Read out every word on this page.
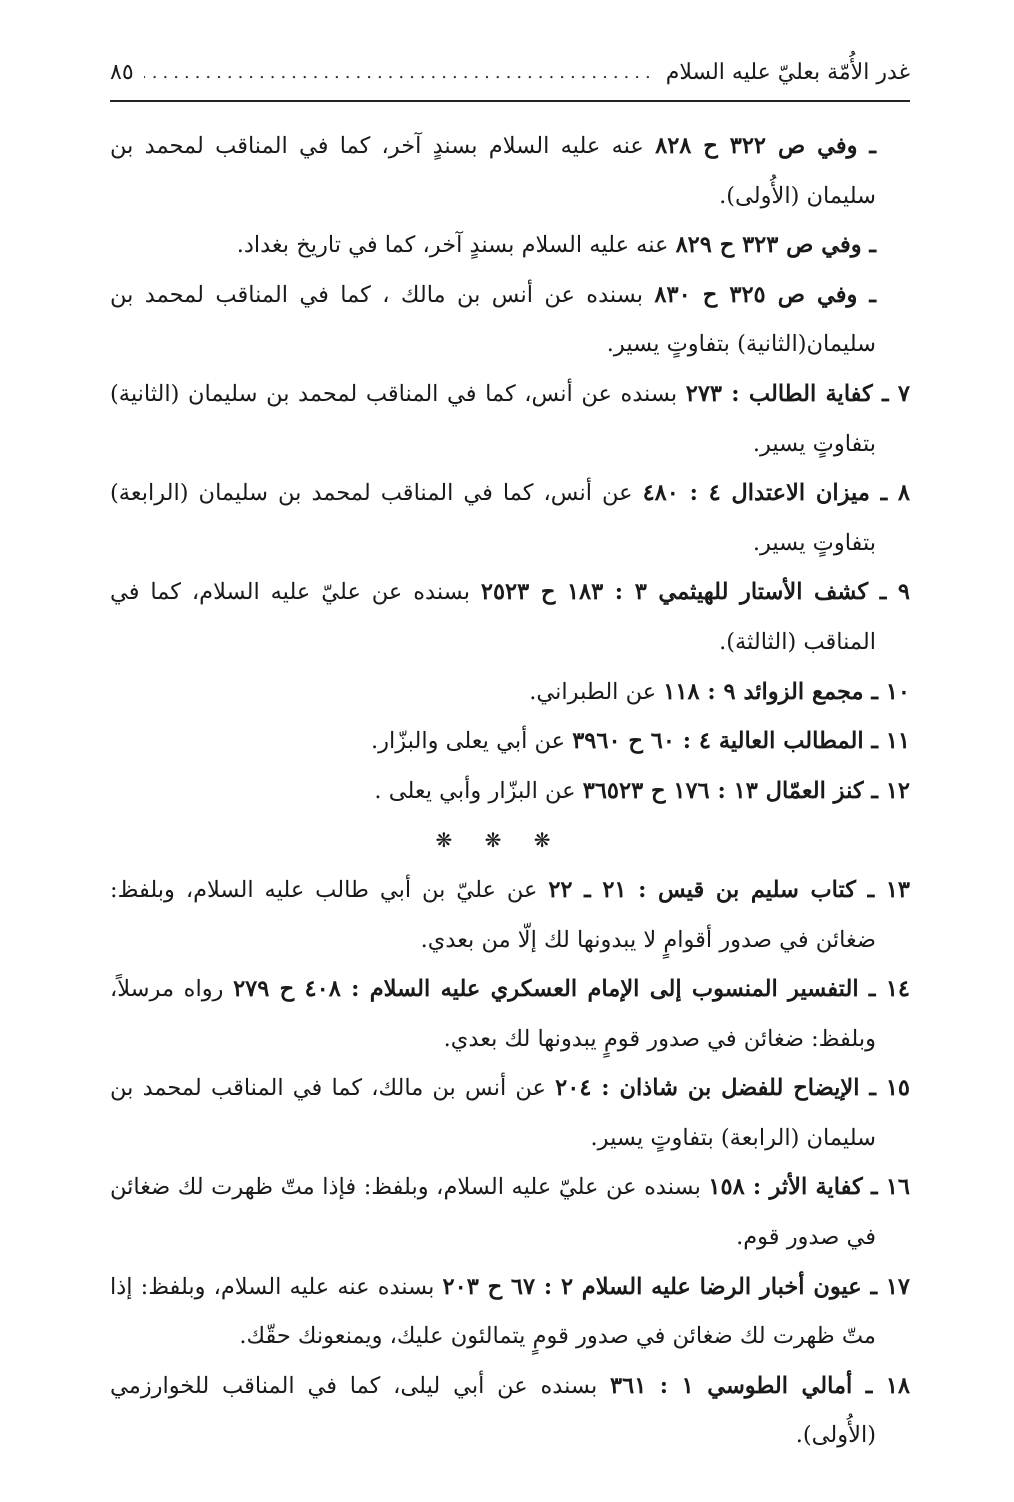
غدر الأُمّة بعليّ عليه السلام
.....
٨٥

ـ وفي ص ٣٢٢ ح ٨٢٨ عنه عليه السلام بسندٍ آخر، كما في المناقب لمحمد بن سليمان (الأُولى).

ـ وفي ص ٣٢٣ ح ٨٢٩ عنه عليه السلام بسندٍ آخر، كما في تاريخ بغداد.

ـ وفي ص ٣٢٥ ح ٨٣٠ بسنده عن أنس بن مالك ، كما في المناقب لمحمد بن سليمان(الثانية) بتفاوتٍ يسير.

٧ ـ كفاية الطالب : ٢٧٣ بسنده عن أنس، كما في المناقب لمحمد بن سليمان (الثانية) بتفاوتٍ يسير.

٨ ـ ميزان الاعتدال ٤ : ٤٨٠ عن أنس، كما في المناقب لمحمد بن سليمان (الرابعة) بتفاوتٍ يسير.

٩ ـ كشف الأستار للهيثمي ٣ : ١٨٣ ح ٢٥٢٣ بسنده عن عليّ عليه السلام، كما في المناقب (الثالثة).

١٠ ـ مجمع الزوائد ٩ : ١١٨ عن الطبراني.

١١ ـ المطالب العالية ٤ : ٦٠ ح ٣٩٦٠ عن أبي يعلى والبزّار.

١٢ ـ كنز العمّال ١٣ : ١٧٦ ح ٣٦٥٢٣ عن البزّار وأبي يعلى .

❋ ❋ ❋

١٣ ـ كتاب سليم بن قيس : ٢١ ـ ٢٢ عن عليّ بن أبي طالب عليه السلام، وبلفظ: ضغائن في صدور أقوامٍ لا يبدونها لك إلّا من بعدي.

١٤ ـ التفسير المنسوب إلى الإمام العسكري عليه السلام : ٤٠٨ ح ٢٧٩ رواه مرسلاً، وبلفظ: ضغائن في صدور قومٍ يبدونها لك بعدي.

١٥ ـ الإيضاح للفضل بن شاذان : ٢٠٤ عن أنس بن مالك، كما في المناقب لمحمد بن سليمان (الرابعة) بتفاوتٍ يسير.

١٦ ـ كفاية الأثر : ١٥٨ بسنده عن عليّ عليه السلام، وبلفظ: فإذا متّ ظهرت لك ضغائن في صدور قوم.

١٧ ـ عيون أخبار الرضا عليه السلام ٢ : ٦٧ ح ٢٠٣ بسنده عنه عليه السلام، وبلفظ: إذا متّ ظهرت لك ضغائن في صدور قومٍ يتمالئون عليك، ويمنعونك حقّك.

١٨ ـ أمالي الطوسي ١ : ٣٦١ بسنده عن أبي ليلى، كما في المناقب للخوارزمي (الأُولى).
